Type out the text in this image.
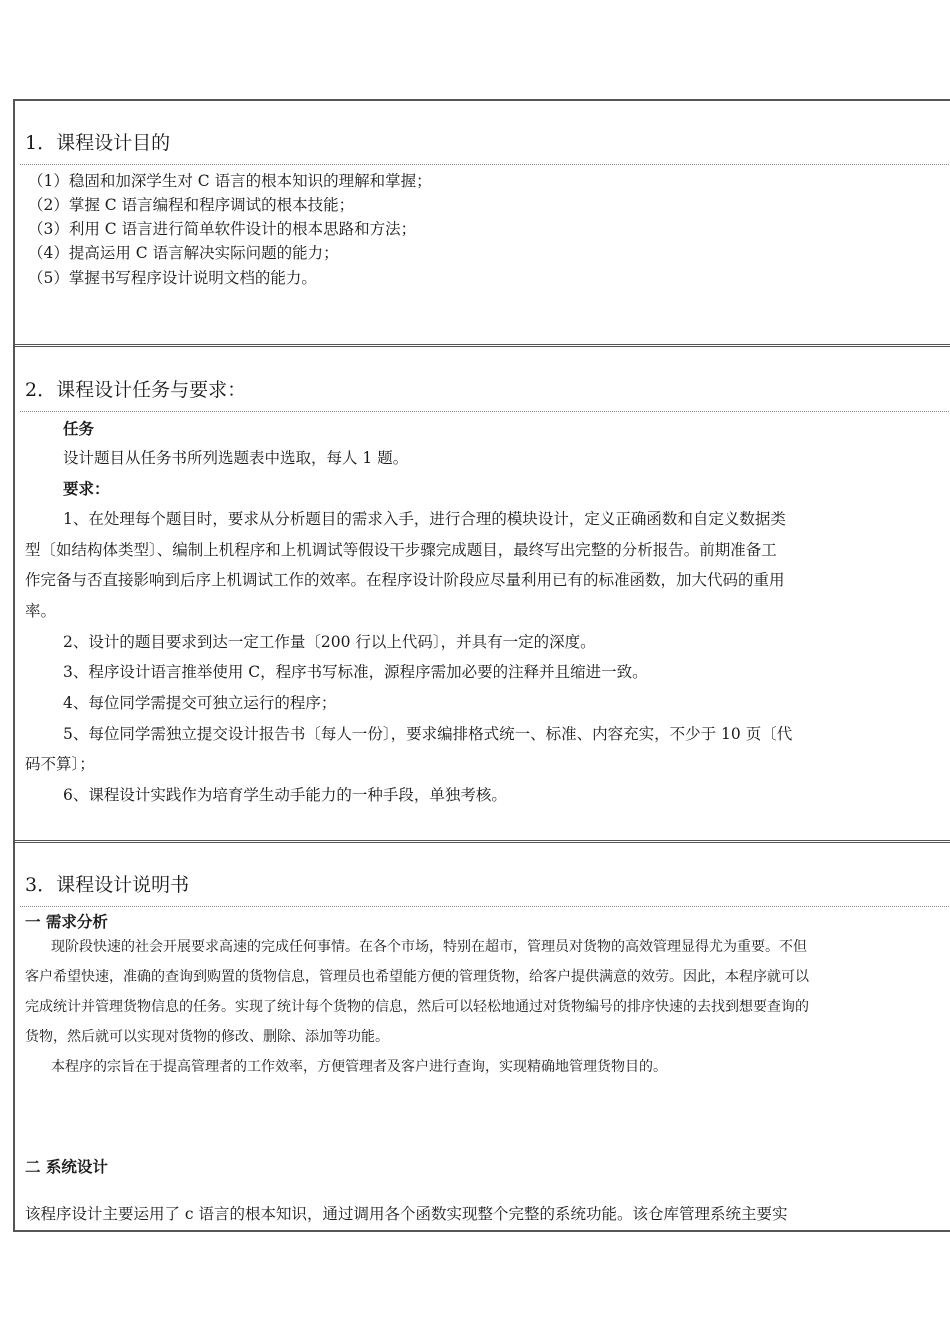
1．课程设计目的
（1）稳固和加深学生对 C 语言的根本知识的理解和掌握；
（2）掌握 C 语言编程和程序调试的根本技能；
（3）利用 C 语言进行简单软件设计的根本思路和方法；
（4）提高运用 C 语言解决实际问题的能力；
（5）掌握书写程序设计说明文档的能力。
2．课程设计任务与要求：
任务
设计题目从任务书所列选题表中选取，每人 1 题。
要求：
1、在处理每个题目时，要求从分析题目的需求入手，进行合理的模块设计，定义正确函数和自定义数据类
型〔如结构体类型〕、编制上机程序和上机调试等假设干步骤完成题目，最终写出完整的分析报告。前期准备工
作完备与否直接影响到后序上机调试工作的效率。在程序设计阶段应尽量利用已有的标准函数，加大代码的重用
率。
2、设计的题目要求到达一定工作量〔200 行以上代码〕，并具有一定的深度。
3、程序设计语言推举使用 C，程序书写标准，源程序需加必要的注释并且缩进一致。
4、每位同学需提交可独立运行的程序；
5、每位同学需独立提交设计报告书〔每人一份〕，要求编排格式统一、标准、内容充实，不少于 10 页〔代
码不算〕；
6、课程设计实践作为培育学生动手能力的一种手段，单独考核。
3．课程设计说明书
一 需求分析
现阶段快速的社会开展要求高速的完成任何事情。在各个市场，特别在超市，管理员对货物的高效管理显得尤为重要。不但
客户希望快速，准确的查询到购置的货物信息，管理员也希望能方便的管理货物，给客户提供满意的效劳。因此，本程序就可以
完成统计并管理货物信息的任务。实现了统计每个货物的信息，然后可以轻松地通过对货物编号的排序快速的去找到想要查询的
货物，然后就可以实现对货物的修改、删除、添加等功能。
本程序的宗旨在于提高管理者的工作效率，方便管理者及客户进行查询，实现精确地管理货物目的。
二 系统设计
该程序设计主要运用了 c 语言的根本知识，通过调用各个函数实现整个完整的系统功能。该仓库管理系统主要实
